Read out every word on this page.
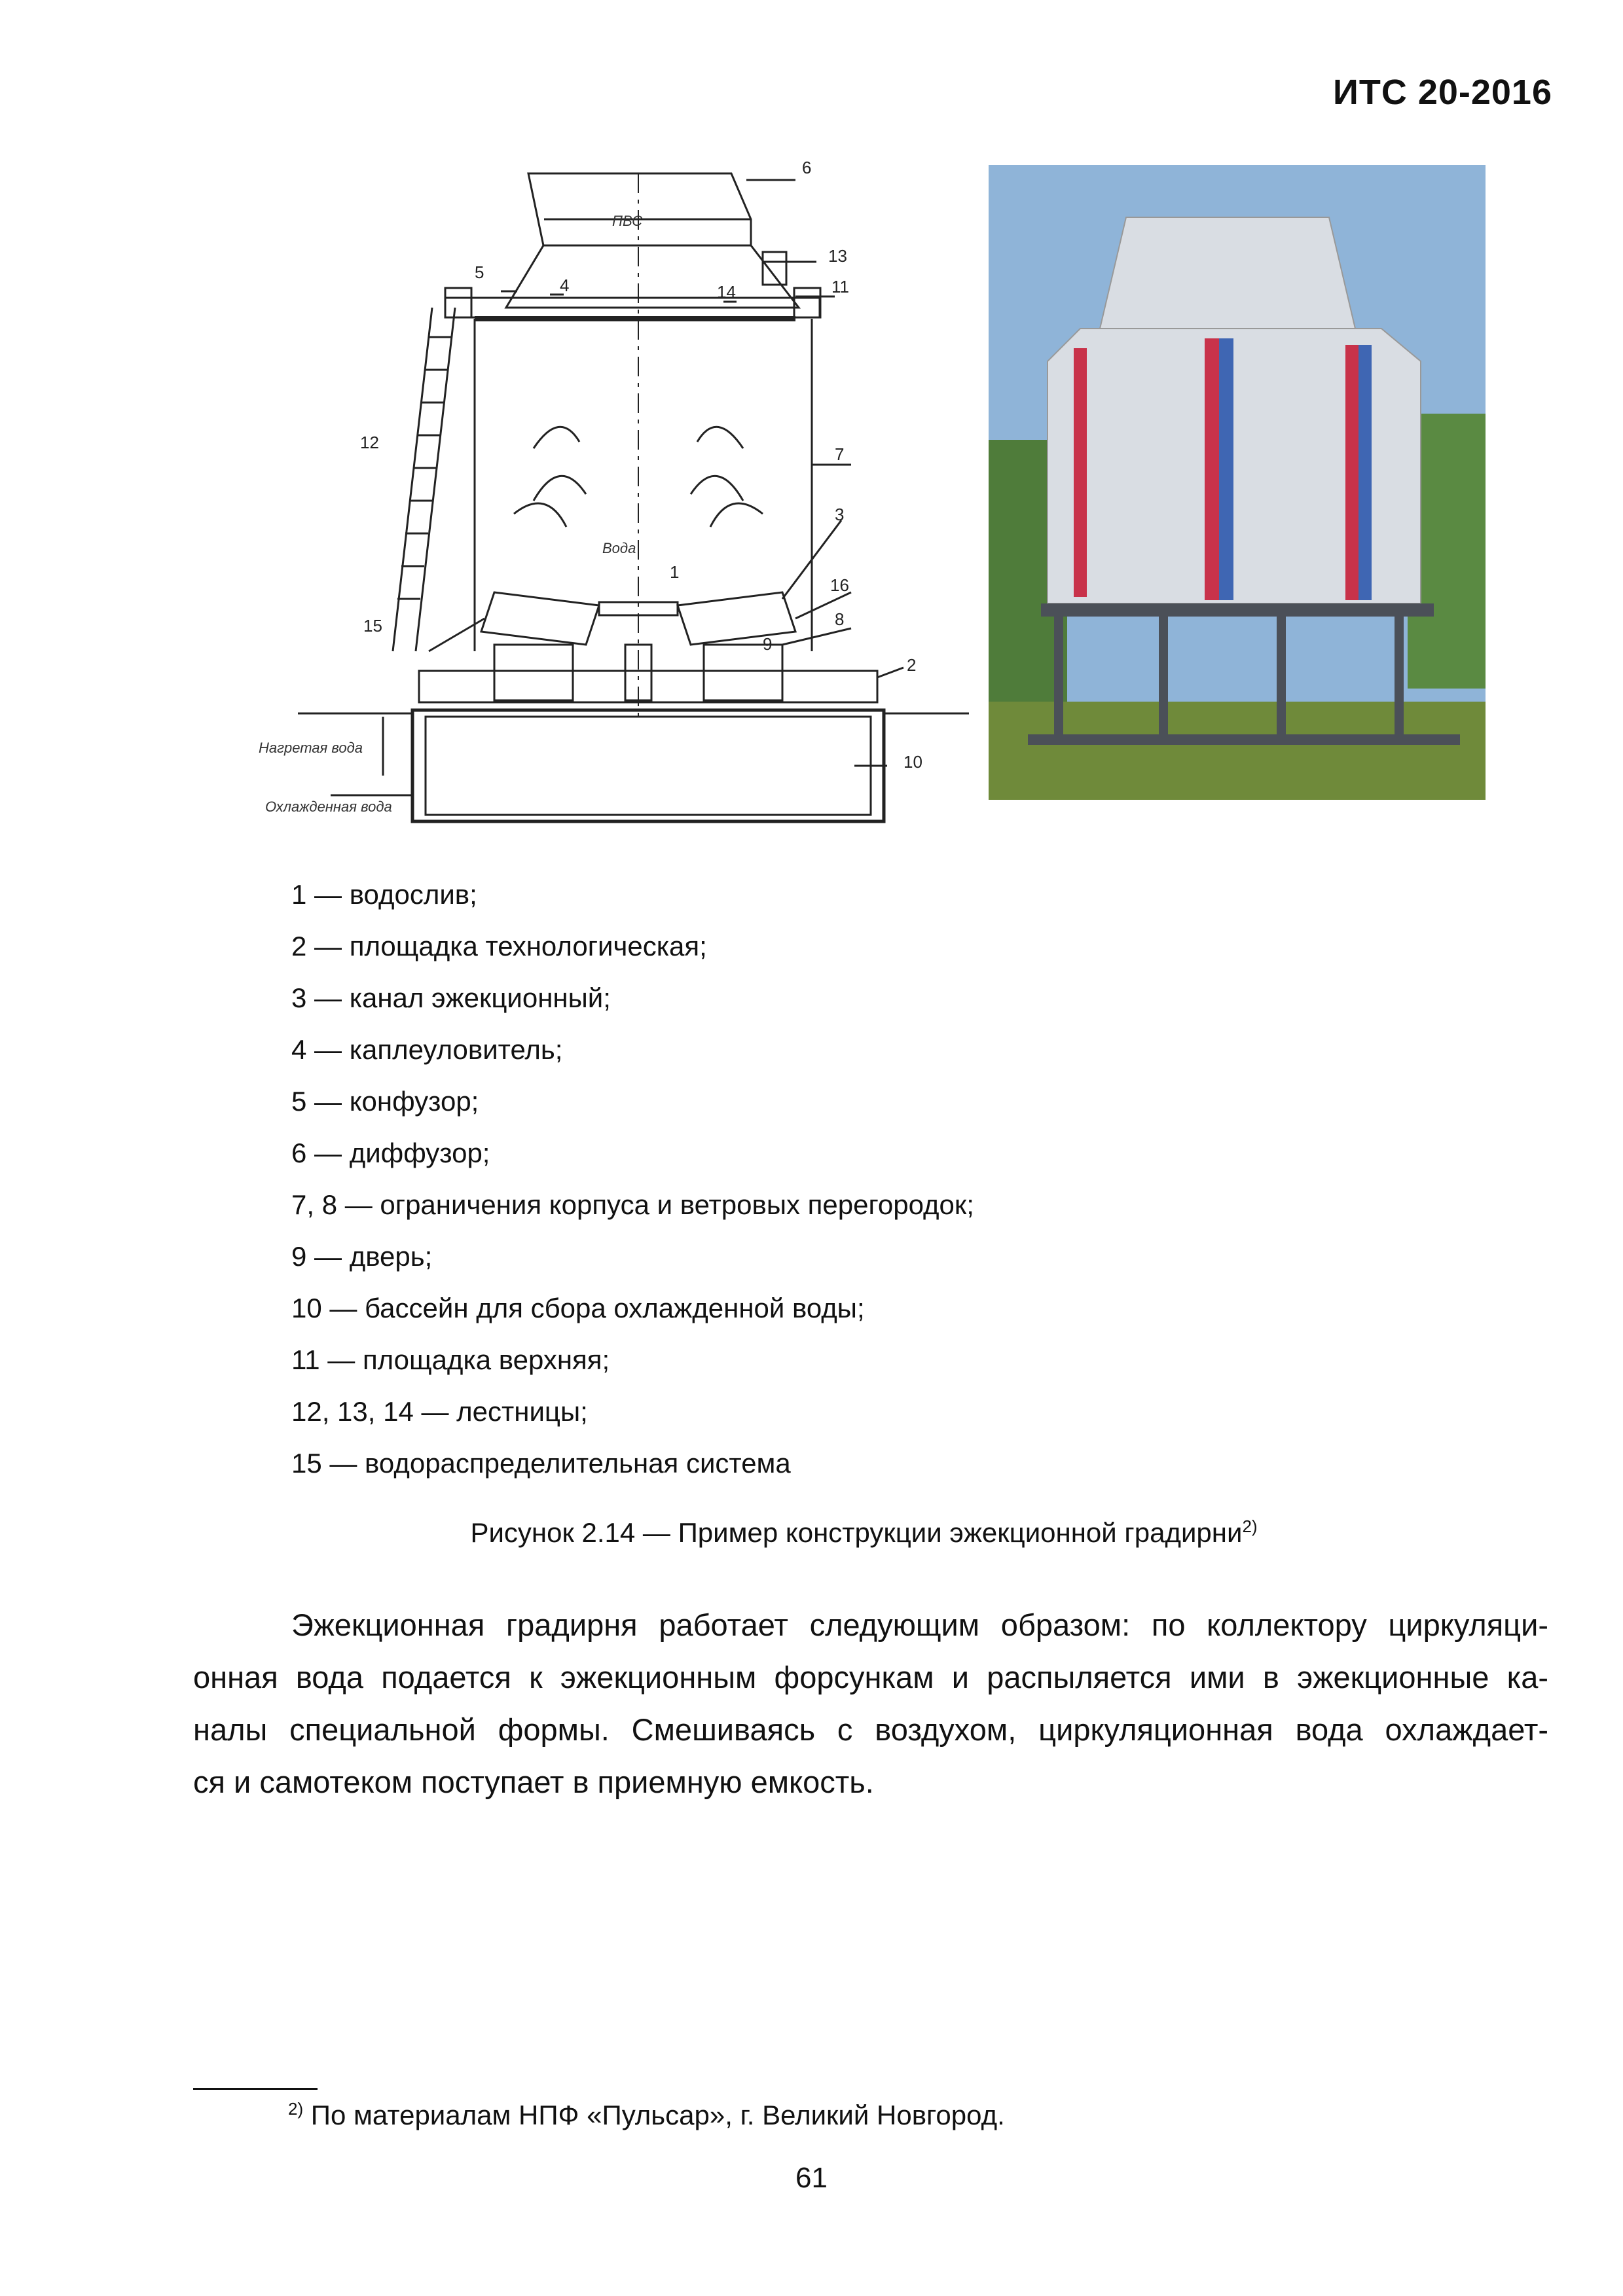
ИТС 20-2016
ПВС
Вода
Нагретая вода
Охлажденная вода
6
5
4	14
13
11
12
7
3
1
16
15	8
9
2
10
1 — водослив;
2 — площадка технологическая;
3 — канал эжекционный;
4 — каплеуловитель;
5 — конфузор;
6 — диффузор;
7, 8 — ограничения корпуса и ветровых перегородок;
9 — дверь;
10 — бассейн для сбора охлажденной воды;
11 — площадка верхняя;
12, 13, 14 — лестницы;
15 — водораспределительная система
Рисунок 2.14 — Пример конструкции эжекционной градирни$^{2)}$
Эжекционная градирня работает следующим образом: по коллектору циркуляци-
онная вода подается к эжекционным форсункам и распыляется ими в эжекционные ка-
налы специальной формы. Смешиваясь с воздухом, циркуляционная вода охлаждает-
ся и самотеком поступает в приемную емкость.
$^{2)}$ По материалам НПФ «Пульсар», г. Великий Новгород.
61
